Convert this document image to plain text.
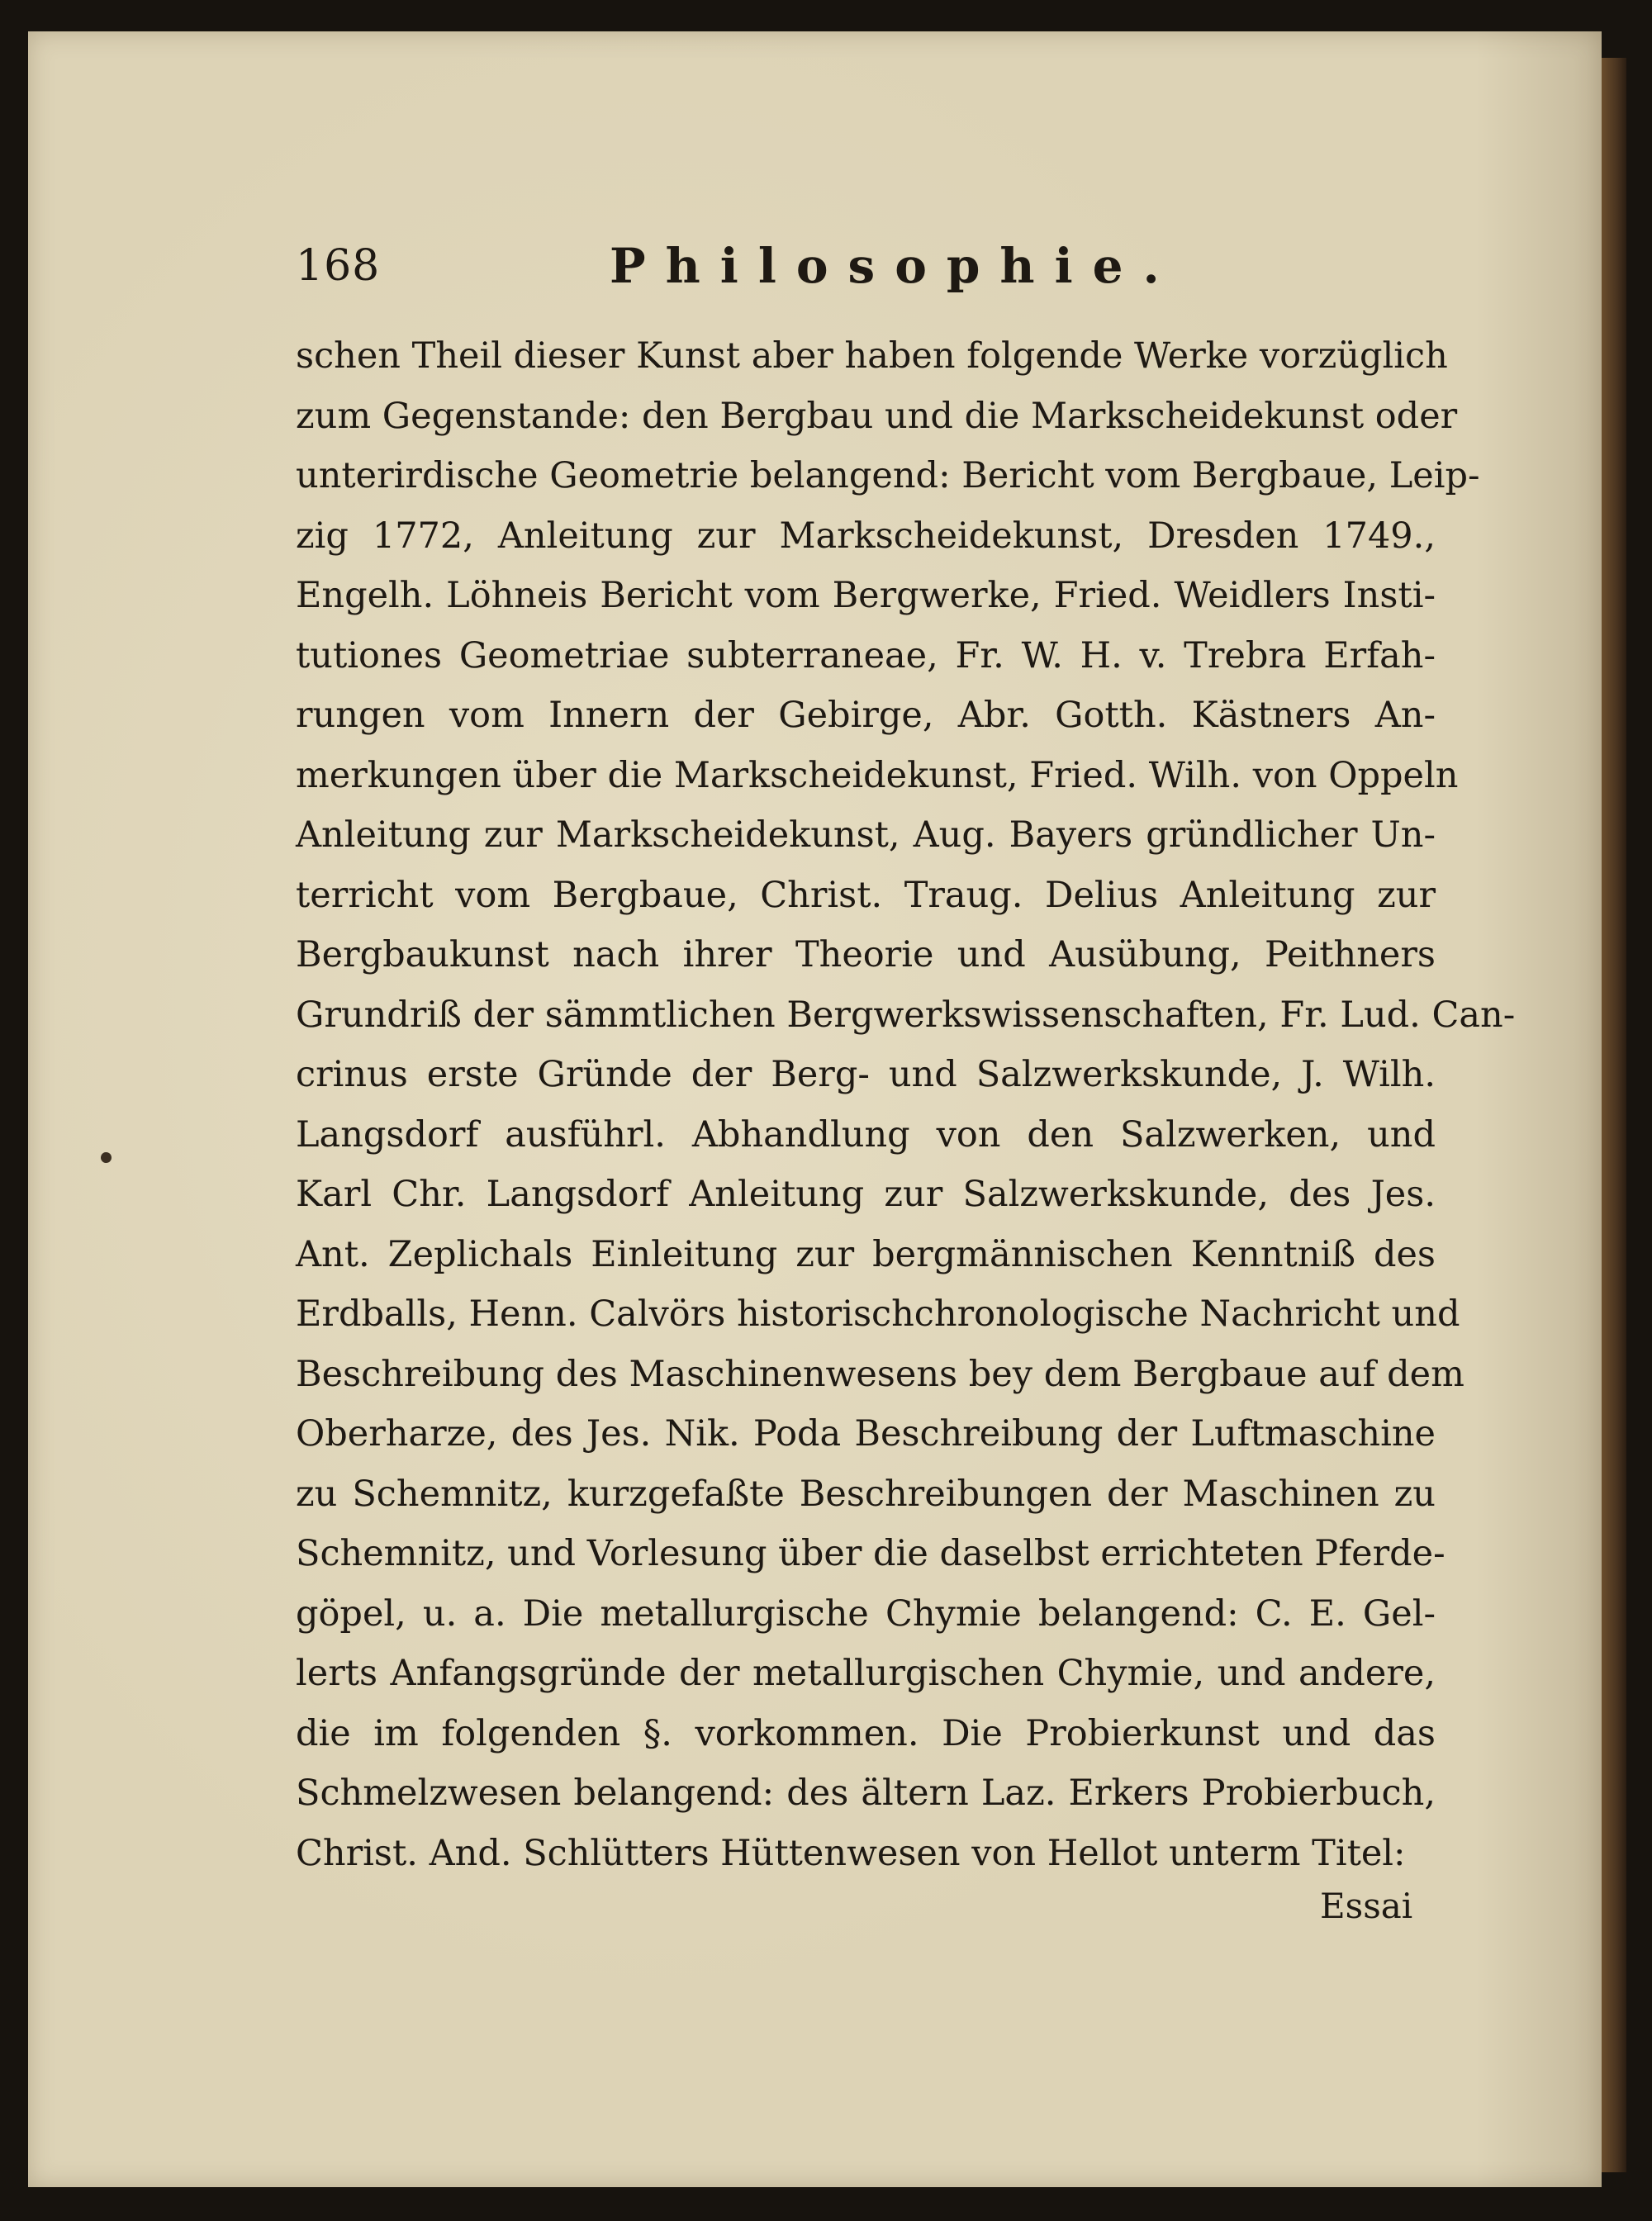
168	Philosophie.
schen Theil dieser Kunst aber haben folgende Werke vorzüglich
zum Gegenstande: den Bergbau und die Markscheidekunst oder
unterirdische Geometrie belangend: Bericht vom Bergbaue, Leip-
zig 1772, Anleitung zur Markscheidekunst, Dresden 1749.,
Engelh. Löhneis Bericht vom Bergwerke, Fried. Weidlers Insti-
tutiones Geometriae subterraneae, Fr. W. H. v. Trebra Erfah-
rungen vom Innern der Gebirge, Abr. Gotth. Kästners An-
merkungen über die Markscheidekunst, Fried. Wilh. von Oppeln
Anleitung zur Markscheidekunst, Aug. Bayers gründlicher Un-
terricht vom Bergbaue, Christ. Traug. Delius Anleitung zur
Bergbaukunst nach ihrer Theorie und Ausübung, Peithners
Grundriß der sämmtlichen Bergwerkswissenschaften, Fr. Lud. Can-
crinus erste Gründe der Berg- und Salzwerkskunde, J. Wilh.
Langsdorf ausführl. Abhandlung von den Salzwerken, und
Karl Chr. Langsdorf Anleitung zur Salzwerkskunde, des Jes.
Ant. Zeplichals Einleitung zur bergmännischen Kenntniß des
Erdballs, Henn. Calvörs historischchronologische Nachricht und
Beschreibung des Maschinenwesens bey dem Bergbaue auf dem
Oberharze, des Jes. Nik. Poda Beschreibung der Luftmaschine
zu Schemnitz, kurzgefaßte Beschreibungen der Maschinen zu
Schemnitz, und Vorlesung über die daselbst errichteten Pferde-
göpel, u. a. Die metallurgische Chymie belangend: C. E. Gel-
lerts Anfangsgründe der metallurgischen Chymie, und andere,
die im folgenden §. vorkommen. Die Probierkunst und das
Schmelzwesen belangend: des ältern Laz. Erkers Probierbuch,
Christ. And. Schlütters Hüttenwesen von Hellot unterm Titel:
Essai
